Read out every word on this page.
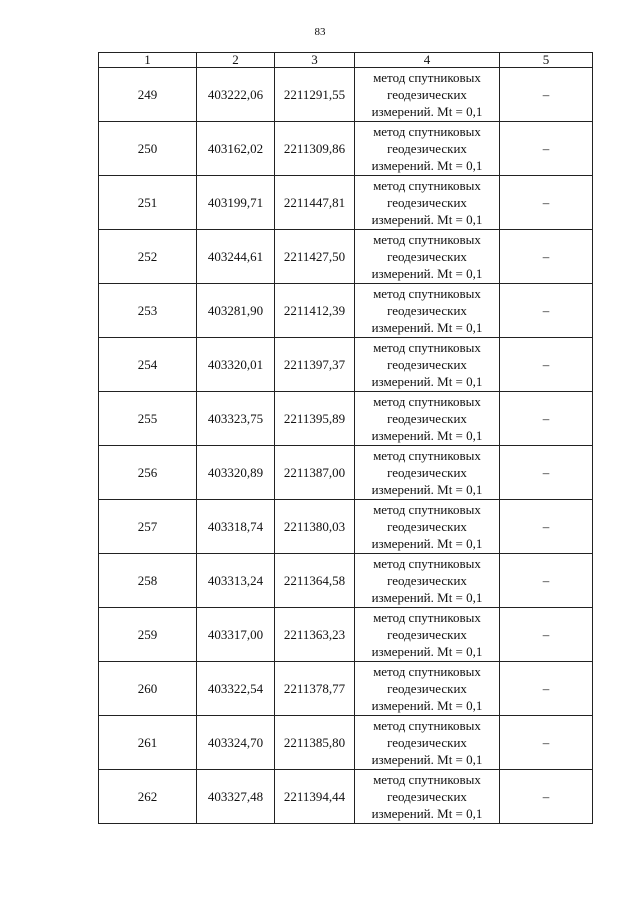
83
1	2	3	4	5
249	403222,06	2211291,55	метод спутниковых
геодезических
измерений. Mt = 0,1	–
250	403162,02	2211309,86	метод спутниковых
геодезических
измерений. Mt = 0,1	–
251	403199,71	2211447,81	метод спутниковых
геодезических
измерений. Mt = 0,1	–
252	403244,61	2211427,50	метод спутниковых
геодезических
измерений. Mt = 0,1	–
253	403281,90	2211412,39	метод спутниковых
геодезических
измерений. Mt = 0,1	–
254	403320,01	2211397,37	метод спутниковых
геодезических
измерений. Mt = 0,1	–
255	403323,75	2211395,89	метод спутниковых
геодезических
измерений. Mt = 0,1	–
256	403320,89	2211387,00	метод спутниковых
геодезических
измерений. Mt = 0,1	–
257	403318,74	2211380,03	метод спутниковых
геодезических
измерений. Mt = 0,1	–
258	403313,24	2211364,58	метод спутниковых
геодезических
измерений. Mt = 0,1	–
259	403317,00	2211363,23	метод спутниковых
геодезических
измерений. Mt = 0,1	–
260	403322,54	2211378,77	метод спутниковых
геодезических
измерений. Mt = 0,1	–
261	403324,70	2211385,80	метод спутниковых
геодезических
измерений. Mt = 0,1	–
262	403327,48	2211394,44	метод спутниковых
геодезических
измерений. Mt = 0,1	–
